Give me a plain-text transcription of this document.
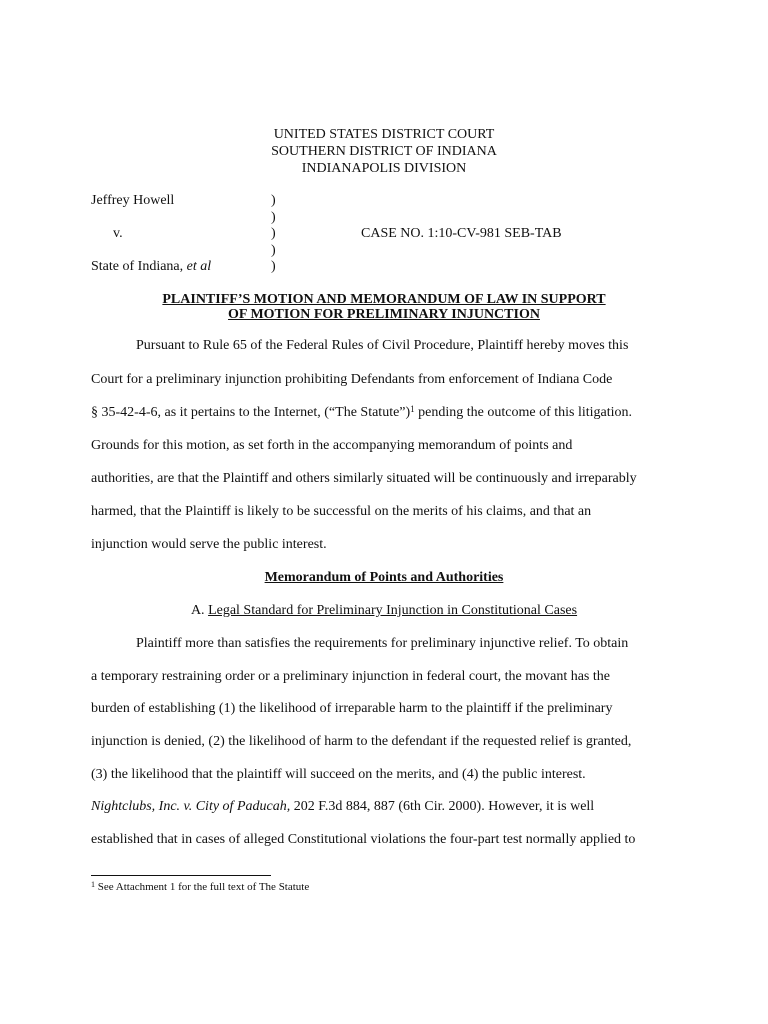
UNITED STATES DISTRICT COURT
SOUTHERN DISTRICT OF INDIANA
INDIANAPOLIS DIVISION
Jeffrey Howell
v.
State of Indiana, et al
)
)
)
)
)
CASE NO. 1:10-CV-981 SEB-TAB
PLAINTIFF’S MOTION AND MEMORANDUM OF LAW IN SUPPORT
OF MOTION FOR PRELIMINARY INJUNCTION
Pursuant to Rule 65 of the Federal Rules of Civil Procedure, Plaintiff hereby moves this
Court for a preliminary injunction prohibiting Defendants from enforcement of Indiana Code
§ 35-42-4-6, as it pertains to the Internet, (“The Statute”)$^1$ pending the outcome of this litigation.
Grounds for this motion, as set forth in the accompanying memorandum of points and
authorities, are that the Plaintiff and others similarly situated will be continuously and irreparably
harmed, that the Plaintiff is likely to be successful on the merits of his claims, and that an
injunction would serve the public interest.
Memorandum of Points and Authorities
A. Legal Standard for Preliminary Injunction in Constitutional Cases
Plaintiff more than satisfies the requirements for preliminary injunctive relief. To obtain
a temporary restraining order or a preliminary injunction in federal court, the movant has the
burden of establishing (1) the likelihood of irreparable harm to the plaintiff if the preliminary
injunction is denied, (2) the likelihood of harm to the defendant if the requested relief is granted,
(3) the likelihood that the plaintiff will succeed on the merits, and (4) the public interest.
Nightclubs, Inc. v. City of Paducah, 202 F.3d 884, 887 (6th Cir. 2000). However, it is well
established that in cases of alleged Constitutional violations the four-part test normally applied to
$^1$ See Attachment 1 for the full text of The Statute
